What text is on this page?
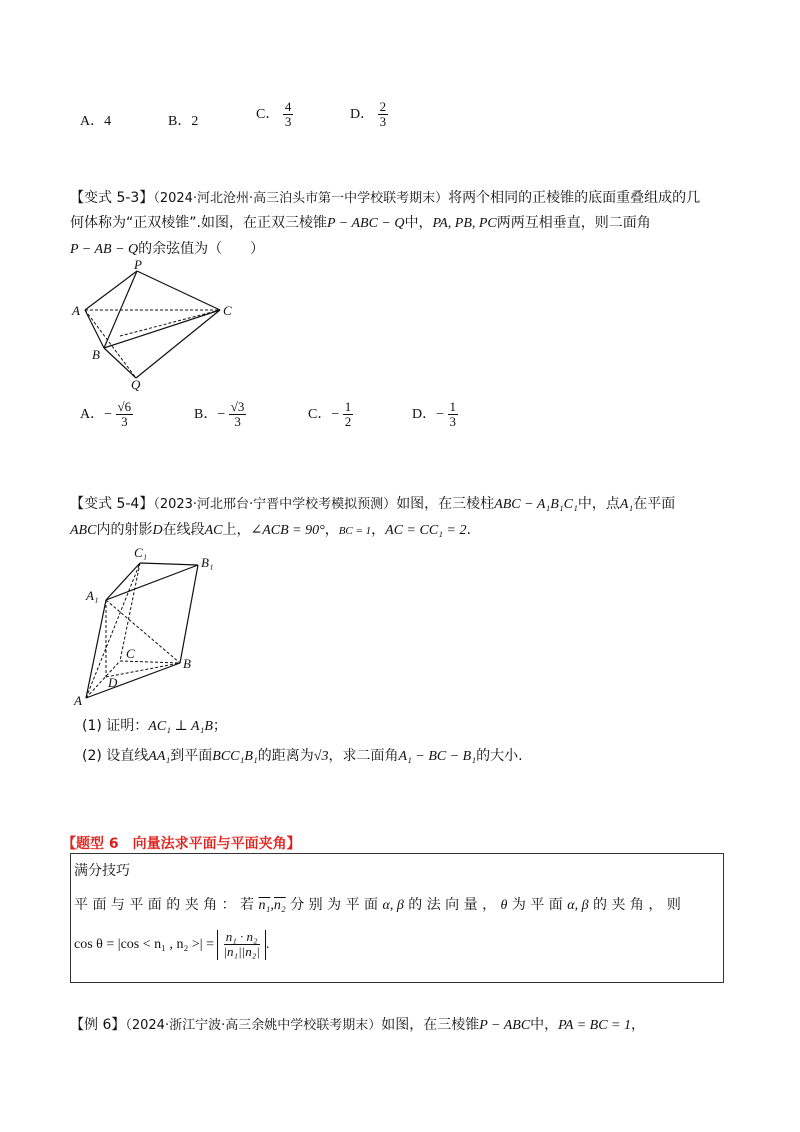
A．4	B．2	C． $\frac{4}{3}$	D． $\frac{2}{3}$
【变式 5-3】（2024·河北沧州·高三泊头市第一中学校联考期末）将两个相同的正棱锥的底面重叠组成的几
何体称为“正双棱锥”.如图，在正双三棱锥P − ABC − Q中，PA, PB, PC两两互相垂直，则二面角
P − AB − Q的余弦值为（　　）
P
A	C
B
Q
A．− $\frac{√6}{3}$	B．− $\frac{√3}{3}$	C．− $\frac{1}{2}$	D．− $\frac{1}{3}$
【变式 5-4】（2023·河北邢台·宁晋中学校考模拟预测）如图，在三棱柱ABC − A₁B₁C₁中，点A₁在平面
ABC内的射影D在线段AC上，∠ACB = 90°，BC = 1，AC = CC₁ = 2.
C₁
B₁
A₁
C
B
D
A
(1) 证明：AC₁ ⊥ A₁B；
(2) 设直线AA₁到平面BCC₁B₁的距离为√3，求二面角A₁ − BC − B₁的大小.
【题型 6　向量法求平面与平面夹角】
满分技巧
平 面 与 平 面 的 夹 角 ： 若 n₁,n₂ 分 别 为 平 面 α, β 的 法 向 量 ， θ 为 平 面 α, β 的 夹 角 ， 则
cos θ = |cos < n₁ , n₂ >| = $\frac{\text{n₁ · n₂}}{\text{|n₁||n₂|}}$ .
【例 6】（2024·浙江宁波·高三余姚中学校联考期末）如图，在三棱锥P − ABC中，PA = BC = 1，
